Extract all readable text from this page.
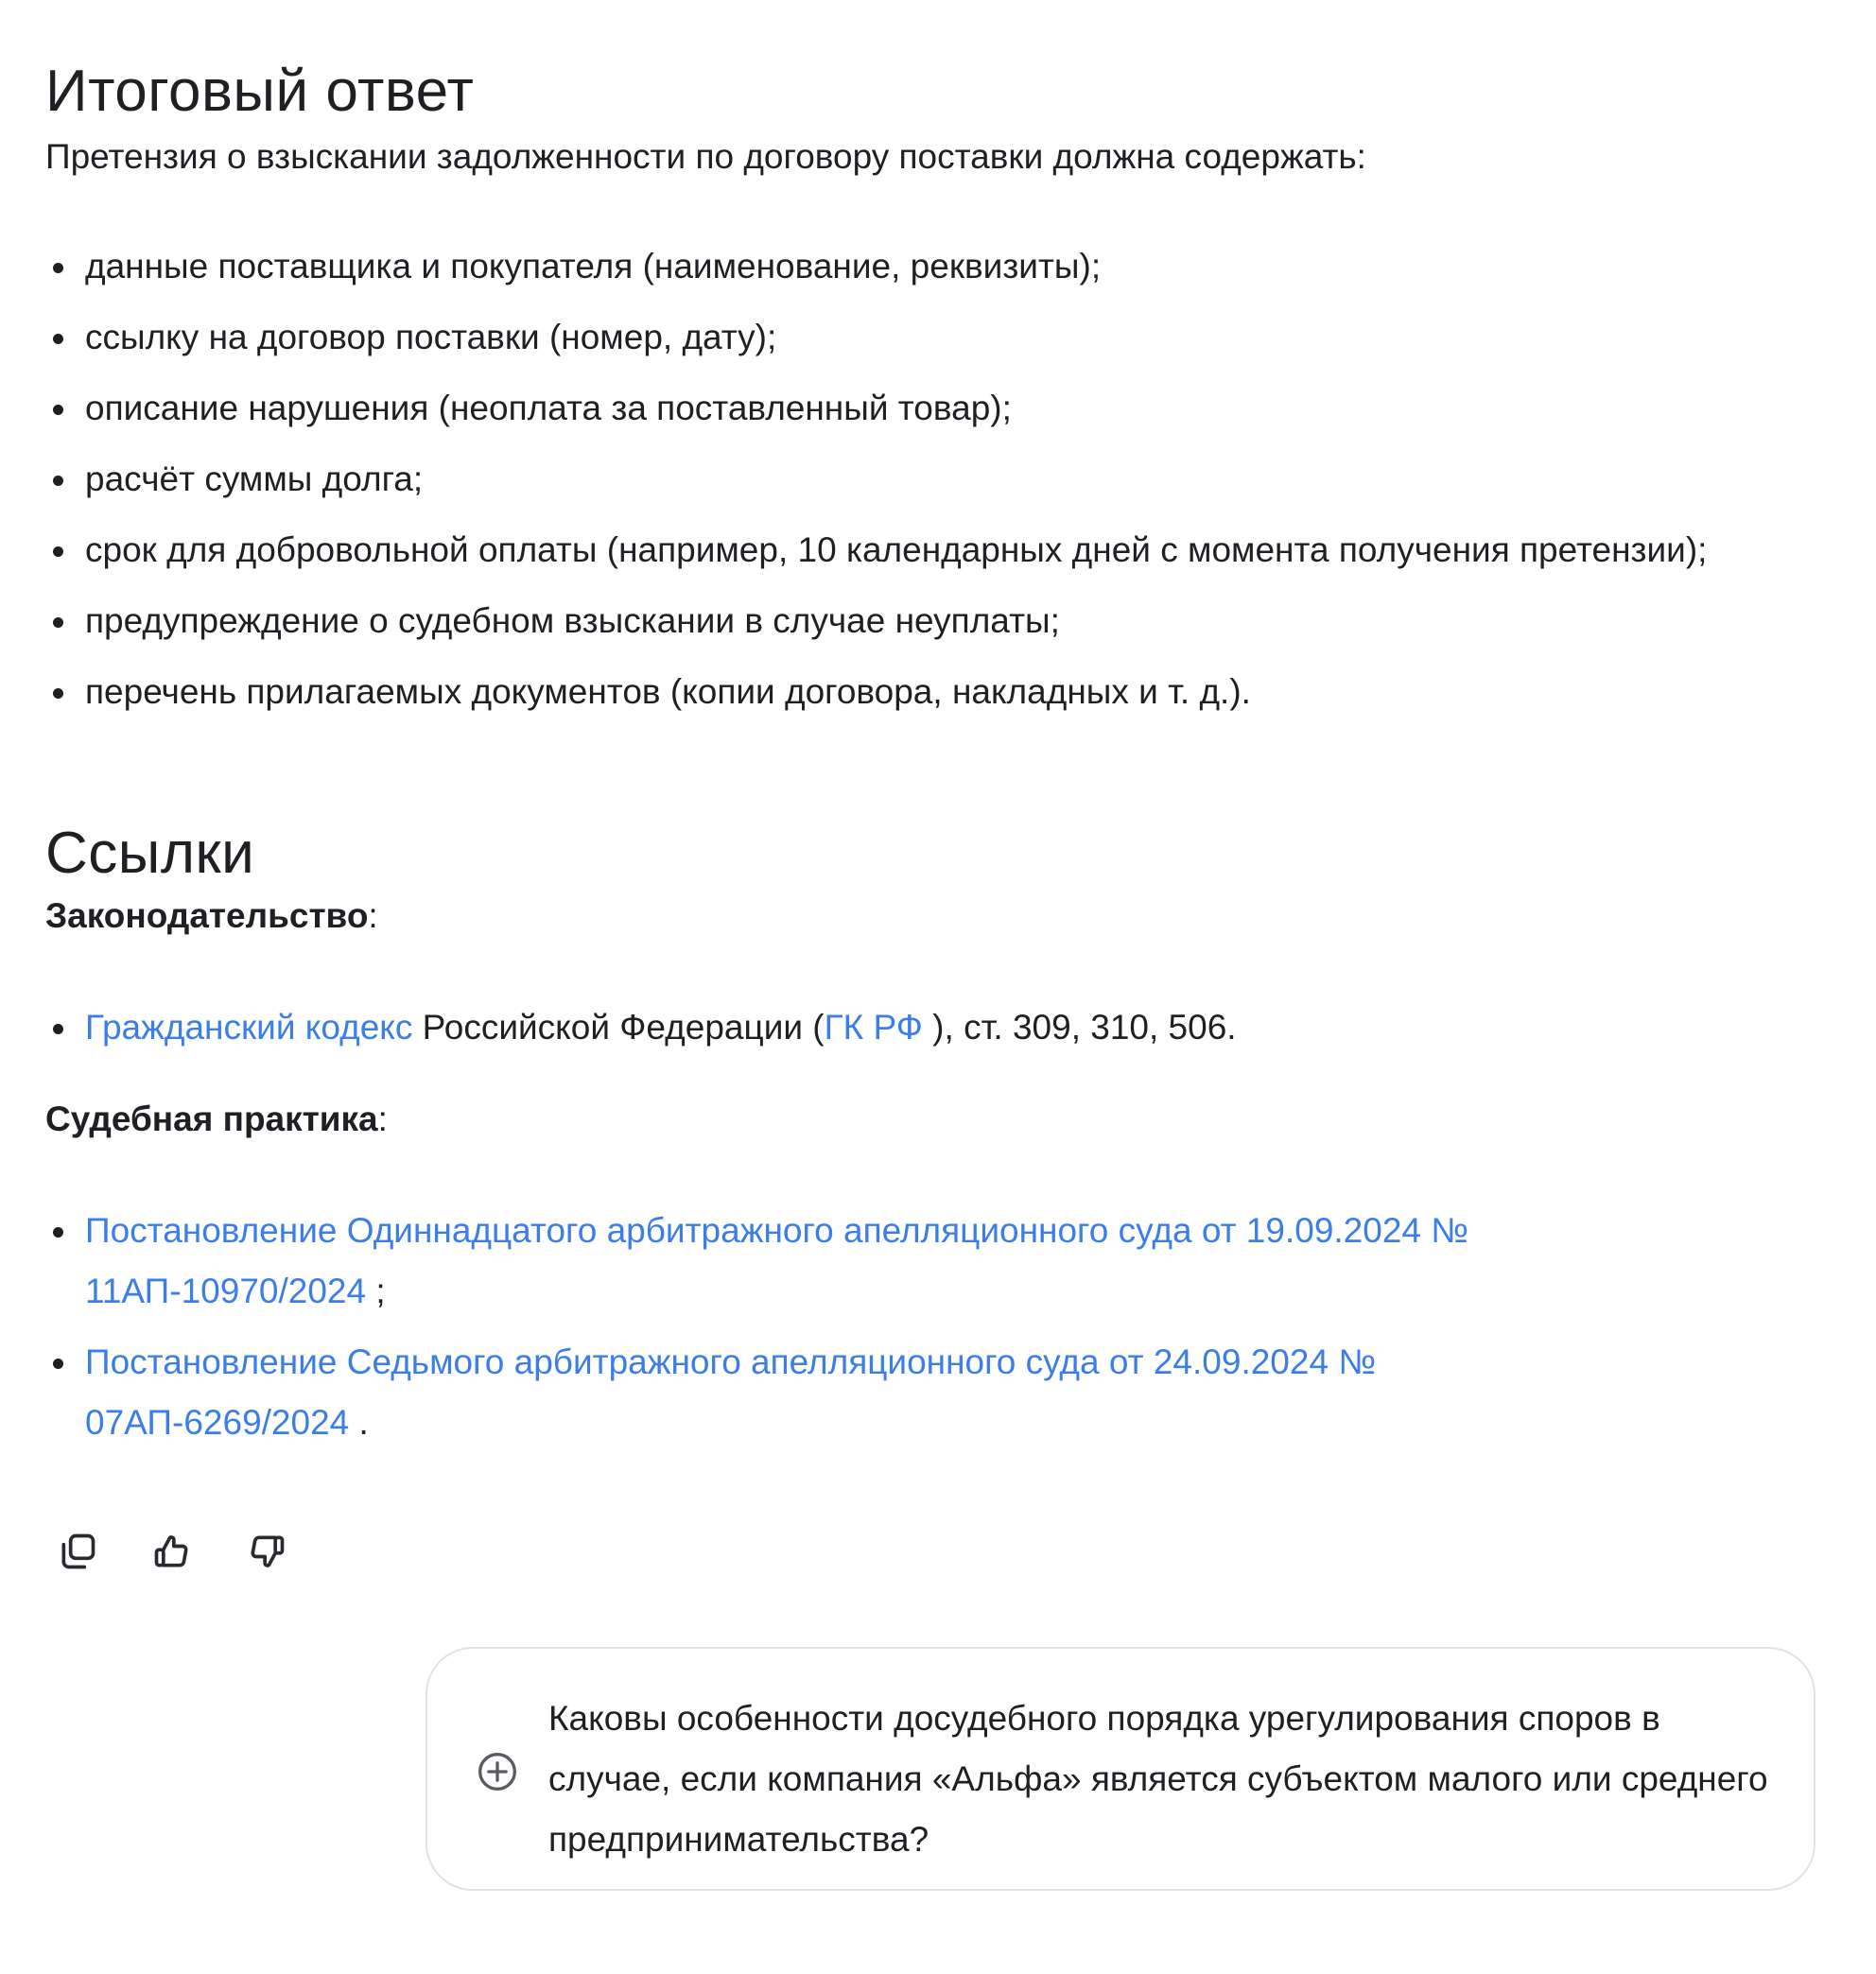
Итоговый ответ
Претензия о взыскании задолженности по договору поставки должна содержать:
данные поставщика и покупателя (наименование, реквизиты);
ссылку на договор поставки (номер, дату);
описание нарушения (неоплата за поставленный товар);
расчёт суммы долга;
срок для добровольной оплаты (например, 10 календарных дней с момента получения претензии);
предупреждение о судебном взыскании в случае неуплаты;
перечень прилагаемых документов (копии договора, накладных и т. д.).
Ссылки
Законодательство:
Гражданский кодекс Российской Федерации (ГК РФ ), ст. 309, 310, 506.
Судебная практика:
Постановление Одиннадцатого арбитражного апелляционного суда от 19.09.2024 № 11АП-10970/2024 ;
Постановление Седьмого арбитражного апелляционного суда от 24.09.2024 № 07АП-6269/2024 .
Каковы особенности досудебного порядка урегулирования споров в случае, если компания «Альфа» является субъектом малого или среднего предпринимательства?
